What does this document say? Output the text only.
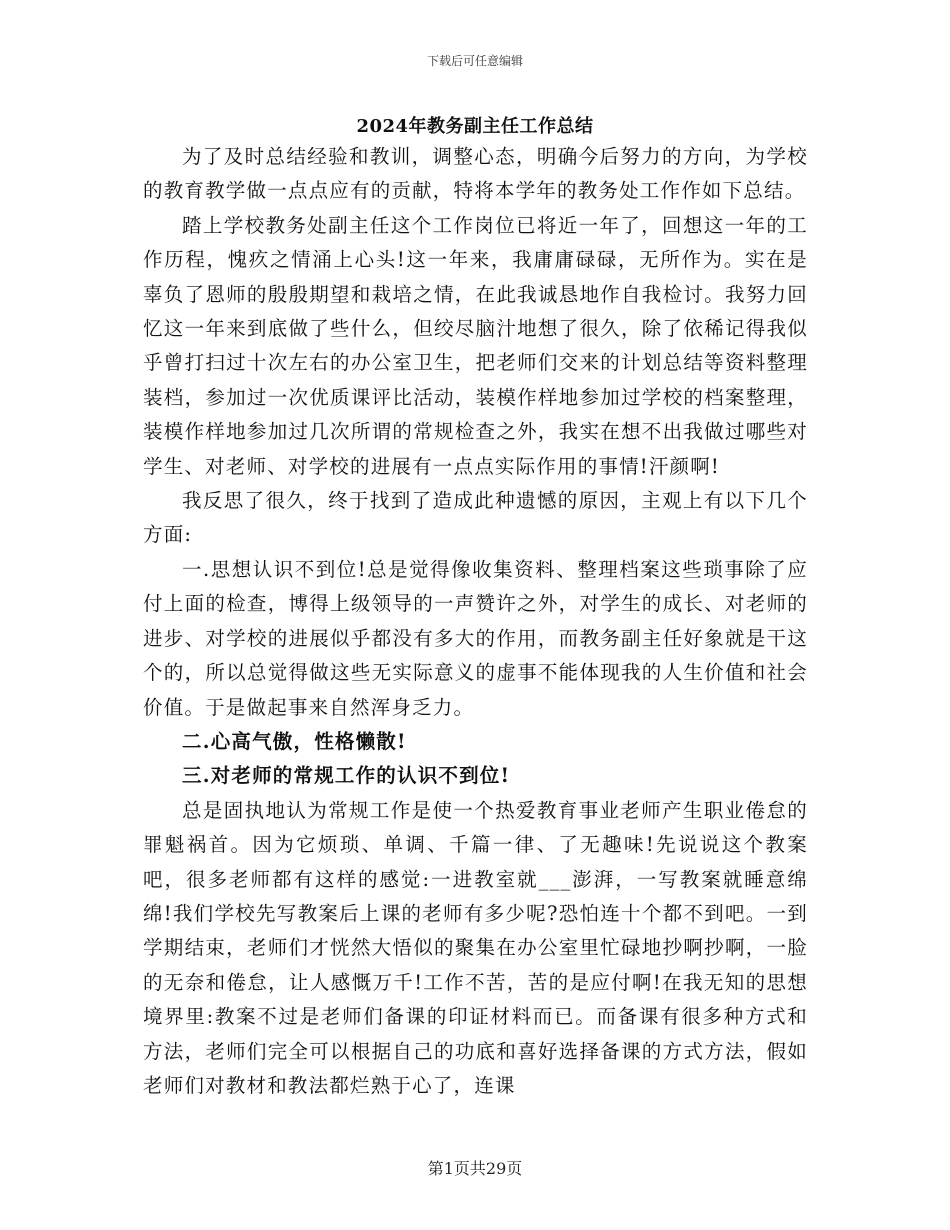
下载后可任意编辑
2024年教务副主任工作总结

为了及时总结经验和教训，调整心态，明确今后努力的方向，为学校的教育教学做一点点应有的贡献，特将本学年的教务处工作作如下总结。

踏上学校教务处副主任这个工作岗位已将近一年了，回想这一年的工作历程，愧疚之情涌上心头!这一年来，我庸庸碌碌，无所作为。实在是辜负了恩师的殷殷期望和栽培之情，在此我诚恳地作自我检讨。我努力回忆这一年来到底做了些什么，但绞尽脑汁地想了很久，除了依稀记得我似乎曾打扫过十次左右的办公室卫生，把老师们交来的计划总结等资料整理装档，参加过一次优质课评比活动，装模作样地参加过学校的档案整理，装模作样地参加过几次所谓的常规检查之外，我实在想不出我做过哪些对学生、对老师、对学校的进展有一点点实际作用的事情!汗颜啊!

我反思了很久，终于找到了造成此种遗憾的原因，主观上有以下几个方面:

一.思想认识不到位!总是觉得像收集资料、整理档案这些琐事除了应付上面的检查，博得上级领导的一声赞许之外，对学生的成长、对老师的进步、对学校的进展似乎都没有多大的作用，而教务副主任好象就是干这个的，所以总觉得做这些无实际意义的虚事不能体现我的人生价值和社会价值。于是做起事来自然浑身乏力。

二.心高气傲，性格懒散!

三.对老师的常规工作的认识不到位!

总是固执地认为常规工作是使一个热爱教育事业老师产生职业倦怠的罪魁祸首。因为它烦琐、单调、千篇一律、了无趣味!先说说这个教案吧，很多老师都有这样的感觉:一进教室就___澎湃，一写教案就睡意绵绵!我们学校先写教案后上课的老师有多少呢?恐怕连十个都不到吧。一到学期结束，老师们才恍然大悟似的聚集在办公室里忙碌地抄啊抄啊，一脸的无奈和倦怠，让人感慨万千!工作不苦，苦的是应付啊!在我无知的思想境界里:教案不过是老师们备课的印证材料而已。而备课有很多种方式和方法，老师们完全可以根据自己的功底和喜好选择备课的方式方法，假如老师们对教材和教法都烂熟于心了，连课

第1页共29页
